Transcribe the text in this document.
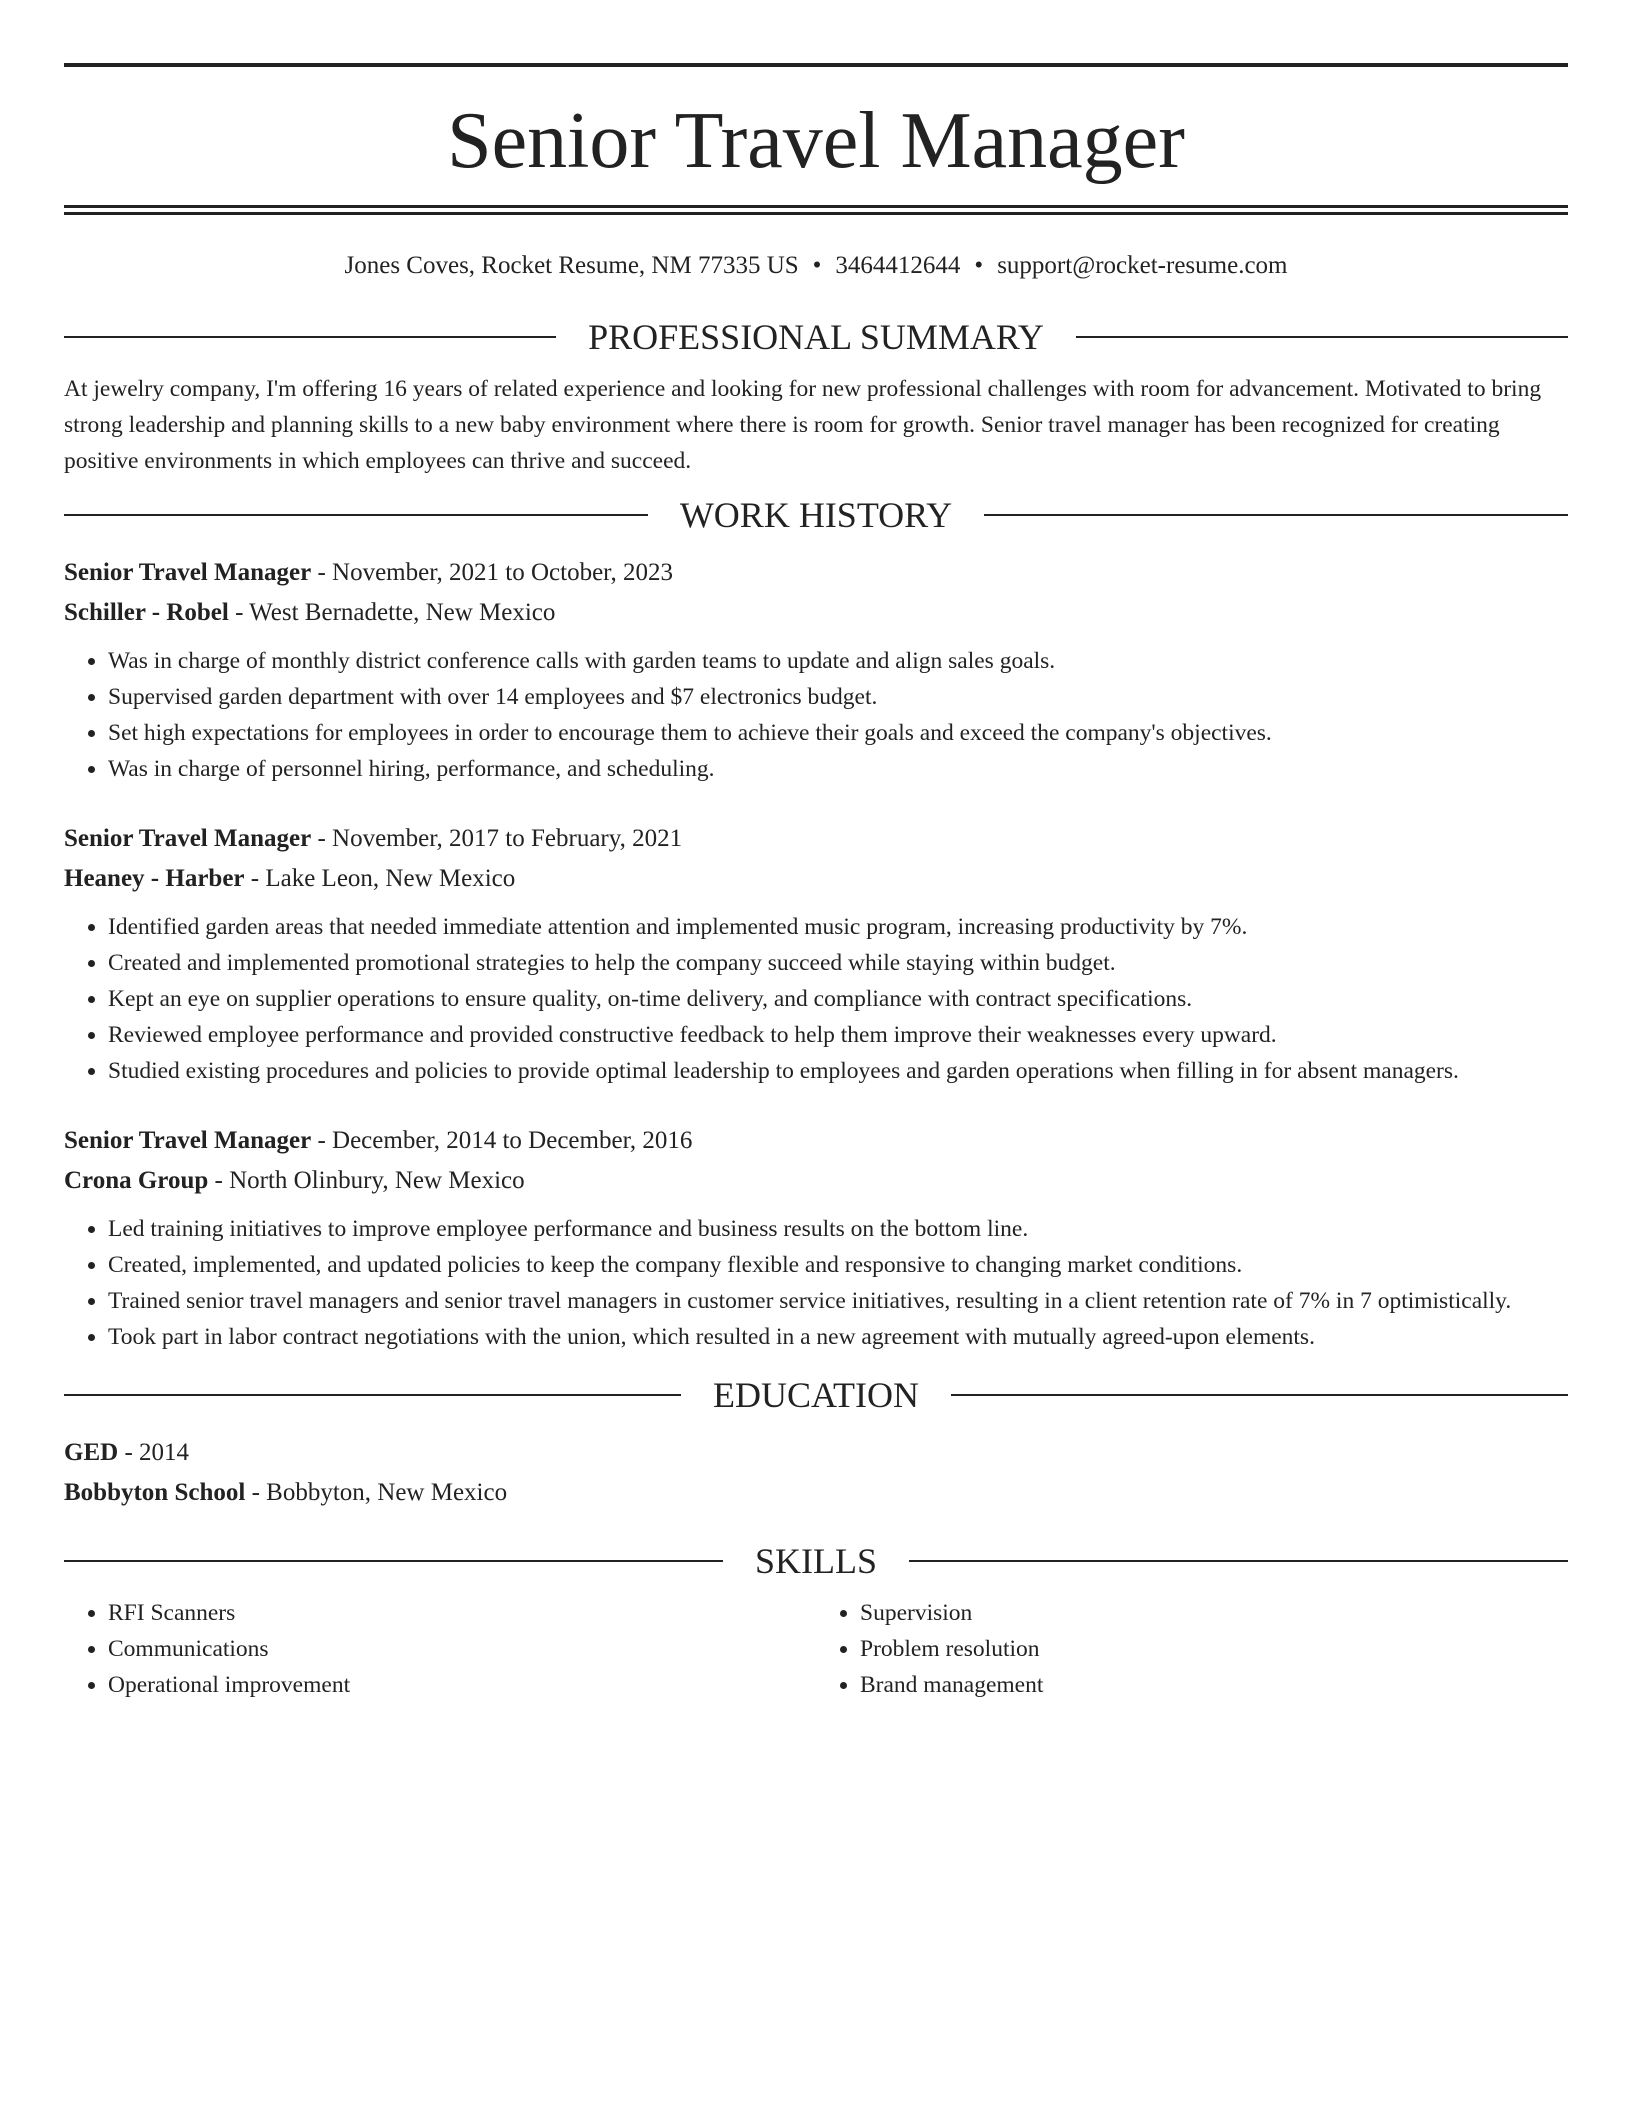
Senior Travel Manager
Jones Coves, Rocket Resume, NM 77335 US • 3464412644 • support@rocket-resume.com
PROFESSIONAL SUMMARY

At jewelry company, I'm offering 16 years of related experience and looking for new professional challenges with room for advancement. Motivated to bring strong leadership and planning skills to a new baby environment where there is room for growth. Senior travel manager has been recognized for creating positive environments in which employees can thrive and succeed.

WORK HISTORY
Senior Travel Manager - November, 2021 to October, 2023
Schiller - Robel - West Bernadette, New Mexico
• Was in charge of monthly district conference calls with garden teams to update and align sales goals.
• Supervised garden department with over 14 employees and $7 electronics budget.
• Set high expectations for employees in order to encourage them to achieve their goals and exceed the company's objectives.
• Was in charge of personnel hiring, performance, and scheduling.
Senior Travel Manager - November, 2017 to February, 2021
Heaney - Harber - Lake Leon, New Mexico
• Identified garden areas that needed immediate attention and implemented music program, increasing productivity by 7%.
• Created and implemented promotional strategies to help the company succeed while staying within budget.
• Kept an eye on supplier operations to ensure quality, on-time delivery, and compliance with contract specifications.
• Reviewed employee performance and provided constructive feedback to help them improve their weaknesses every upward.
• Studied existing procedures and policies to provide optimal leadership to employees and garden operations when filling in for absent managers.
Senior Travel Manager - December, 2014 to December, 2016
Crona Group - North Olinbury, New Mexico
• Led training initiatives to improve employee performance and business results on the bottom line.
• Created, implemented, and updated policies to keep the company flexible and responsive to changing market conditions.
• Trained senior travel managers and senior travel managers in customer service initiatives, resulting in a client retention rate of 7% in 7 optimistically.
• Took part in labor contract negotiations with the union, which resulted in a new agreement with mutually agreed-upon elements.
EDUCATION
GED - 2014
Bobbyton School - Bobbyton, New Mexico
SKILLS
• RFI Scanners
• Communications
• Operational improvement
• Supervision
• Problem resolution
• Brand management
